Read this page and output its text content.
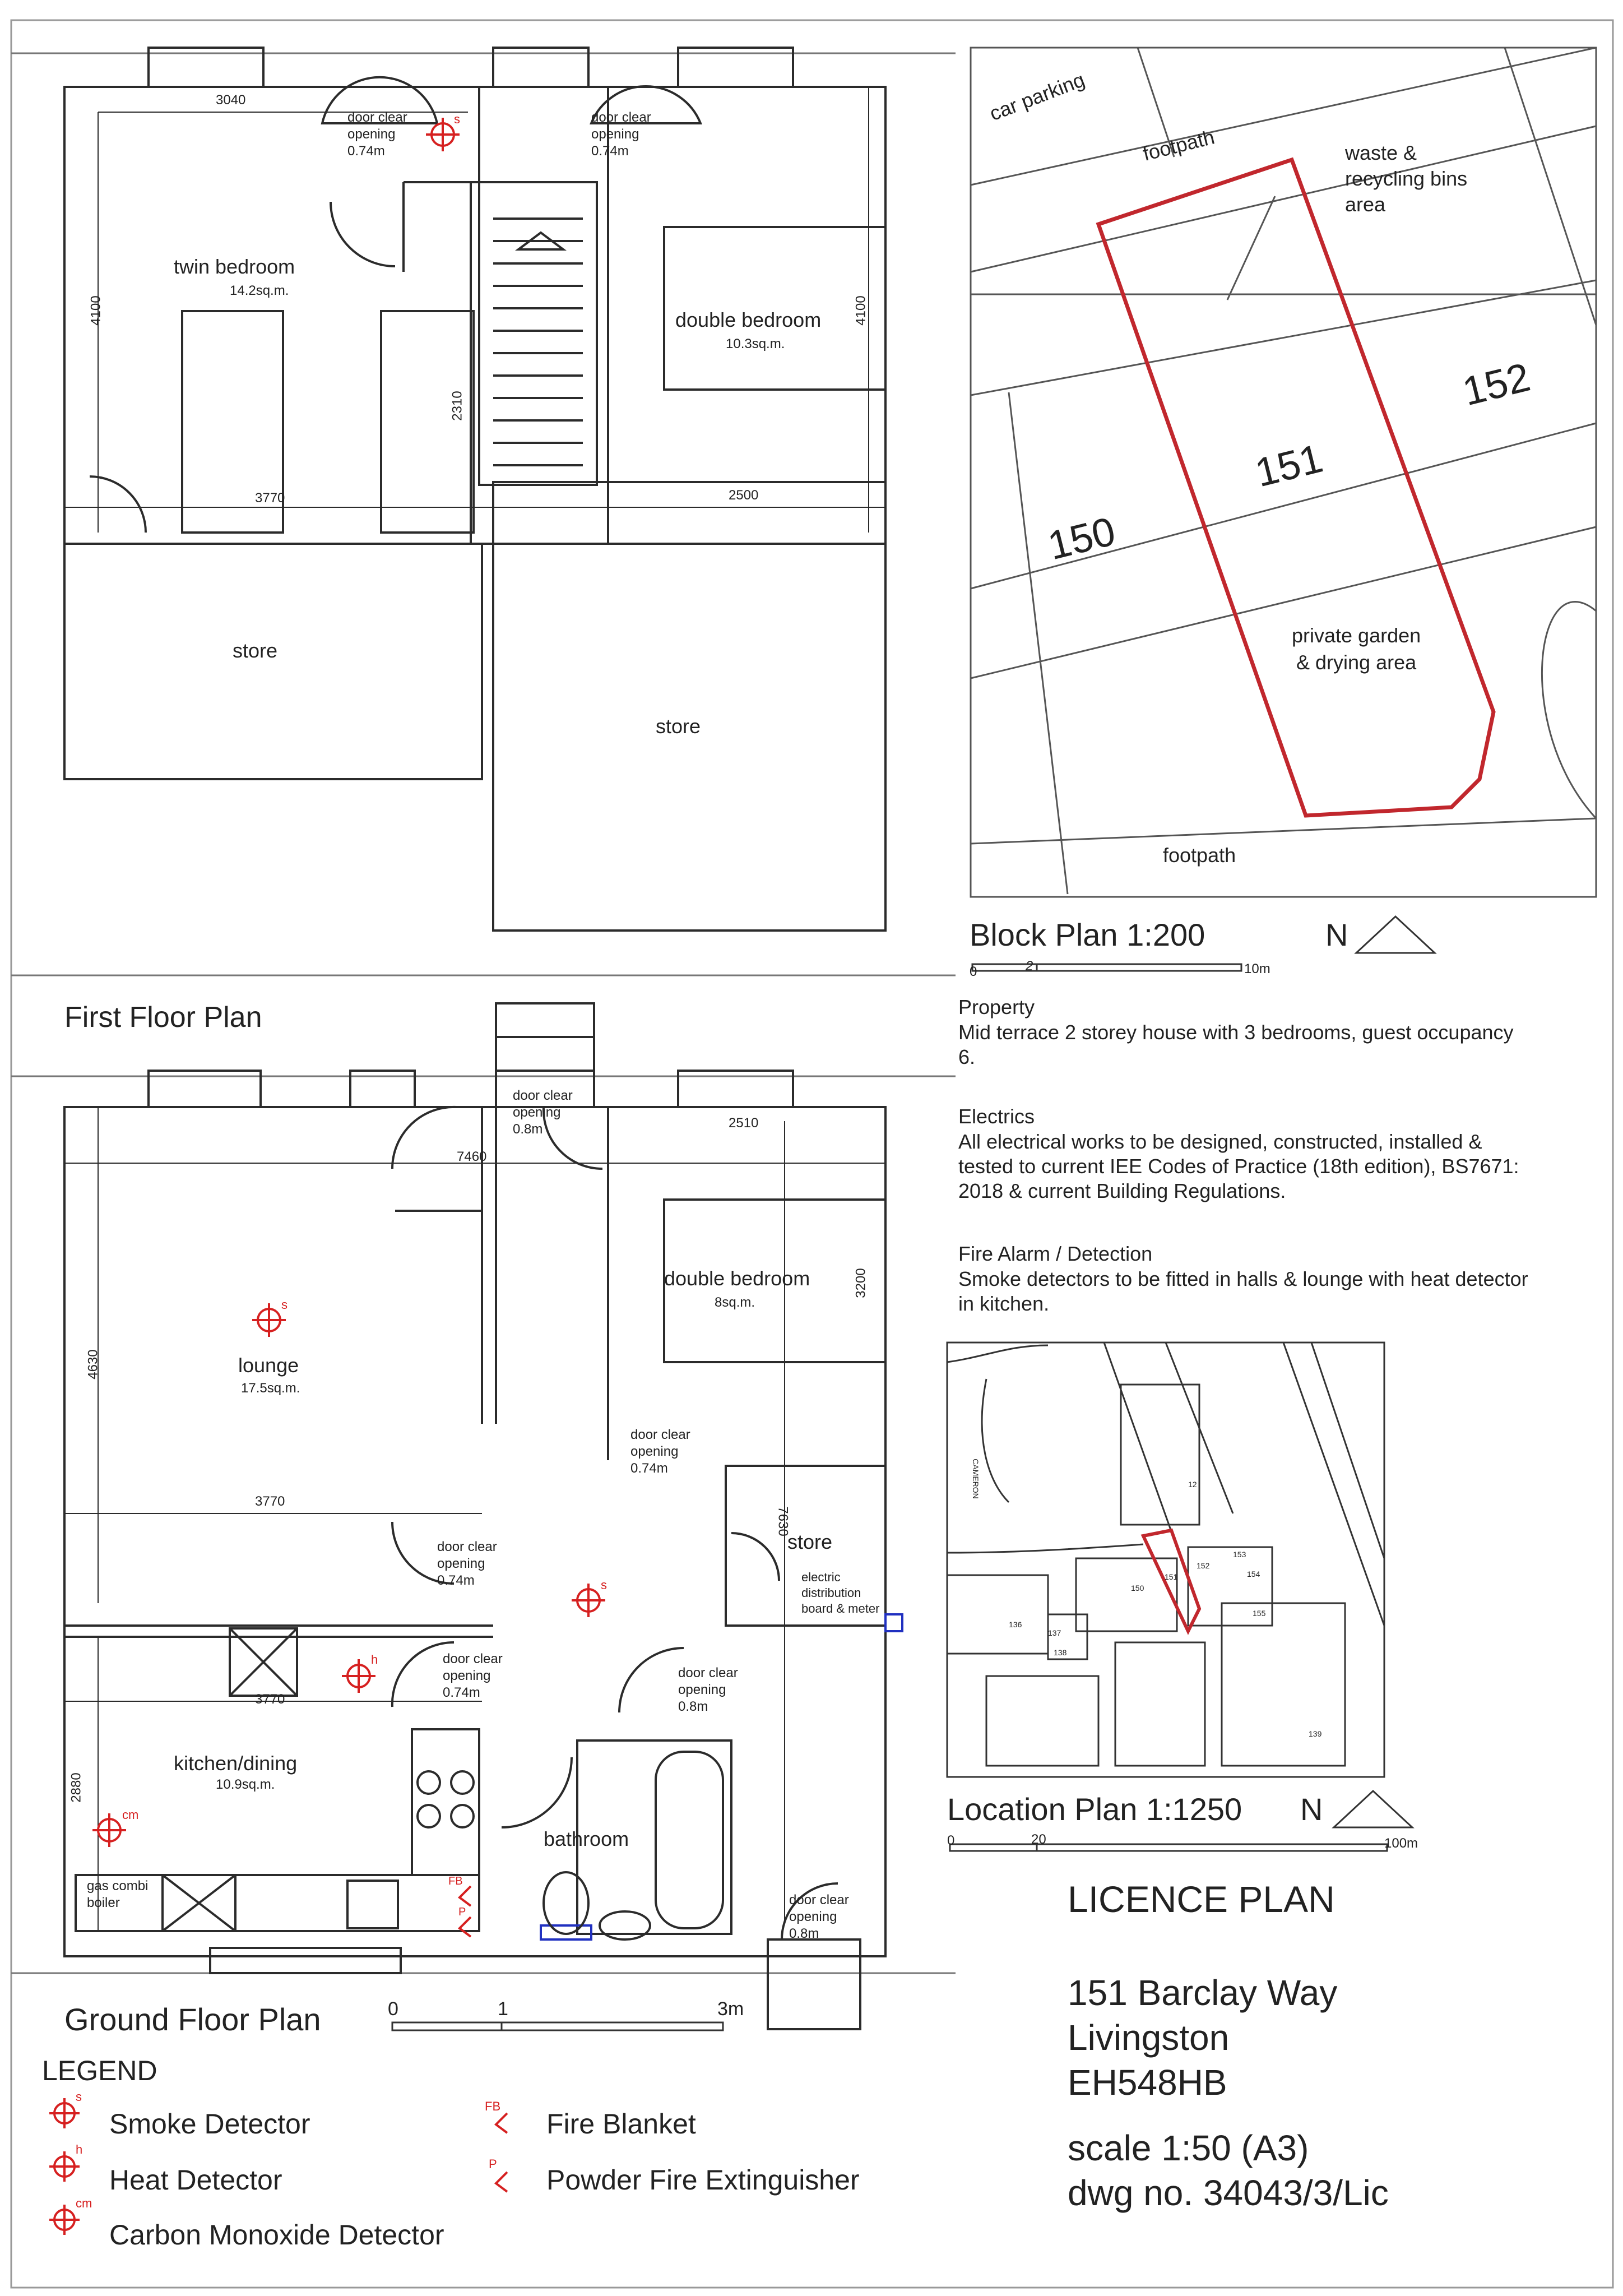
First Floor Plan
twin bedroom
14.2sq.m.
double bedroom
10.3sq.m.
store
store
door clear
opening
0.74m
door clear
opening
0.74m
3040
4100
2310
3770
4100
2500
s	car parking
footpath	waste &
recycling bins
area
private garden
& drying area
footpath
150
151
152
Block Plan 1:200	N
0	2	10m
Property
Mid terrace 2 storey house with 3 bedrooms, guest occupancy 6.
Electrics
All electrical works to be designed, constructed, installed & tested to current IEE Codes of Practice (18th edition), BS7671: 2018 & current Building Regulations.
Fire Alarm / Detection
Smoke detectors to be fitted in halls & lounge with heat detector in kitchen.
lounge
17.5sq.m.
double bedroom
8sq.m.
kitchen/dining
10.9sq.m.
bathroom
store
door clear
opening
0.8m
door clear
opening
0.74m
door clear
opening
0.74m
door clear
opening
0.74m
door clear
opening
0.8m
door clear
opening
0.8m
gas combi
boiler
electric
distribution
board & meter
7460
2510
3200
4630
3770
7630
3770
2880
s
s
h
cm
FB
P
Ground Floor Plan	0	1	3m
CAMERON
150
151
152
153
154
155
136
137
138
139
12
Location Plan 1:1250 N
0	20	100m
LEGEND
Smoke Detector
Heat Detector
Carbon Monoxide Detector
Fire Blanket
Powder Fire Extinguisher
s
h
cm
FB
P
LICENCE PLAN
151 Barclay Way
Livingston
EH548HB
scale 1:50 (A3)
dwg no. 34043/3/Lic
